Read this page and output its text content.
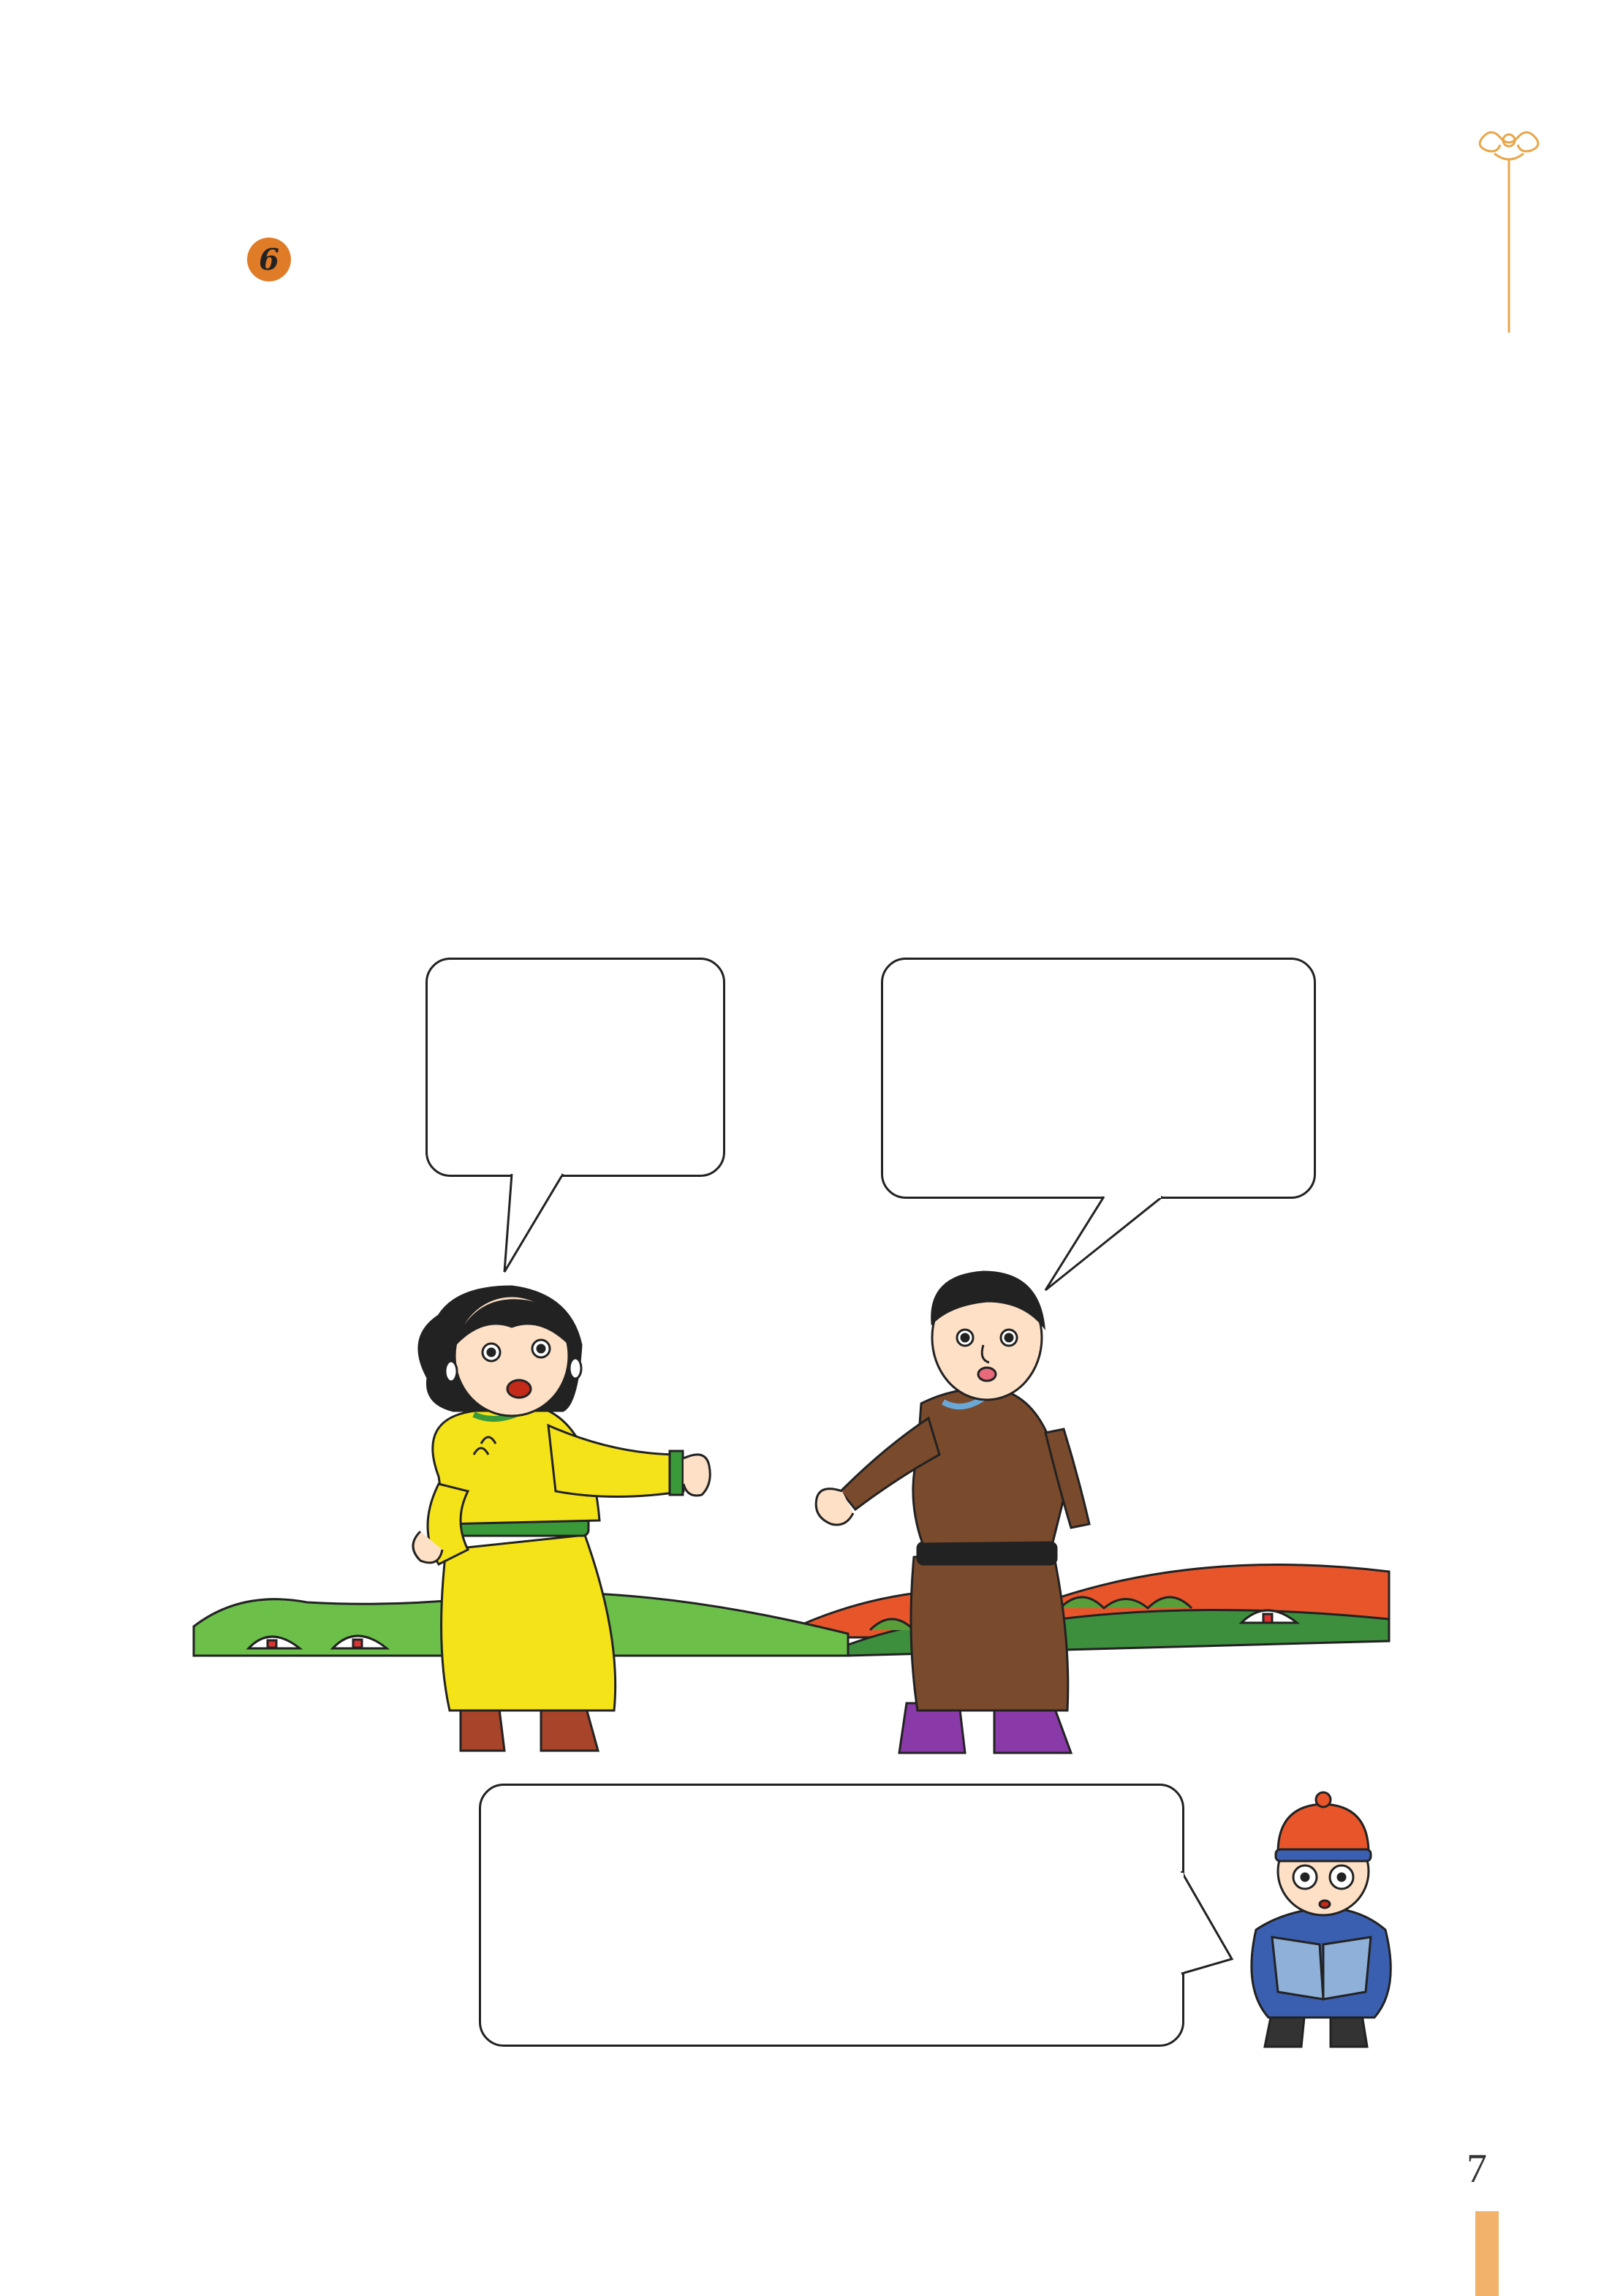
6
7
